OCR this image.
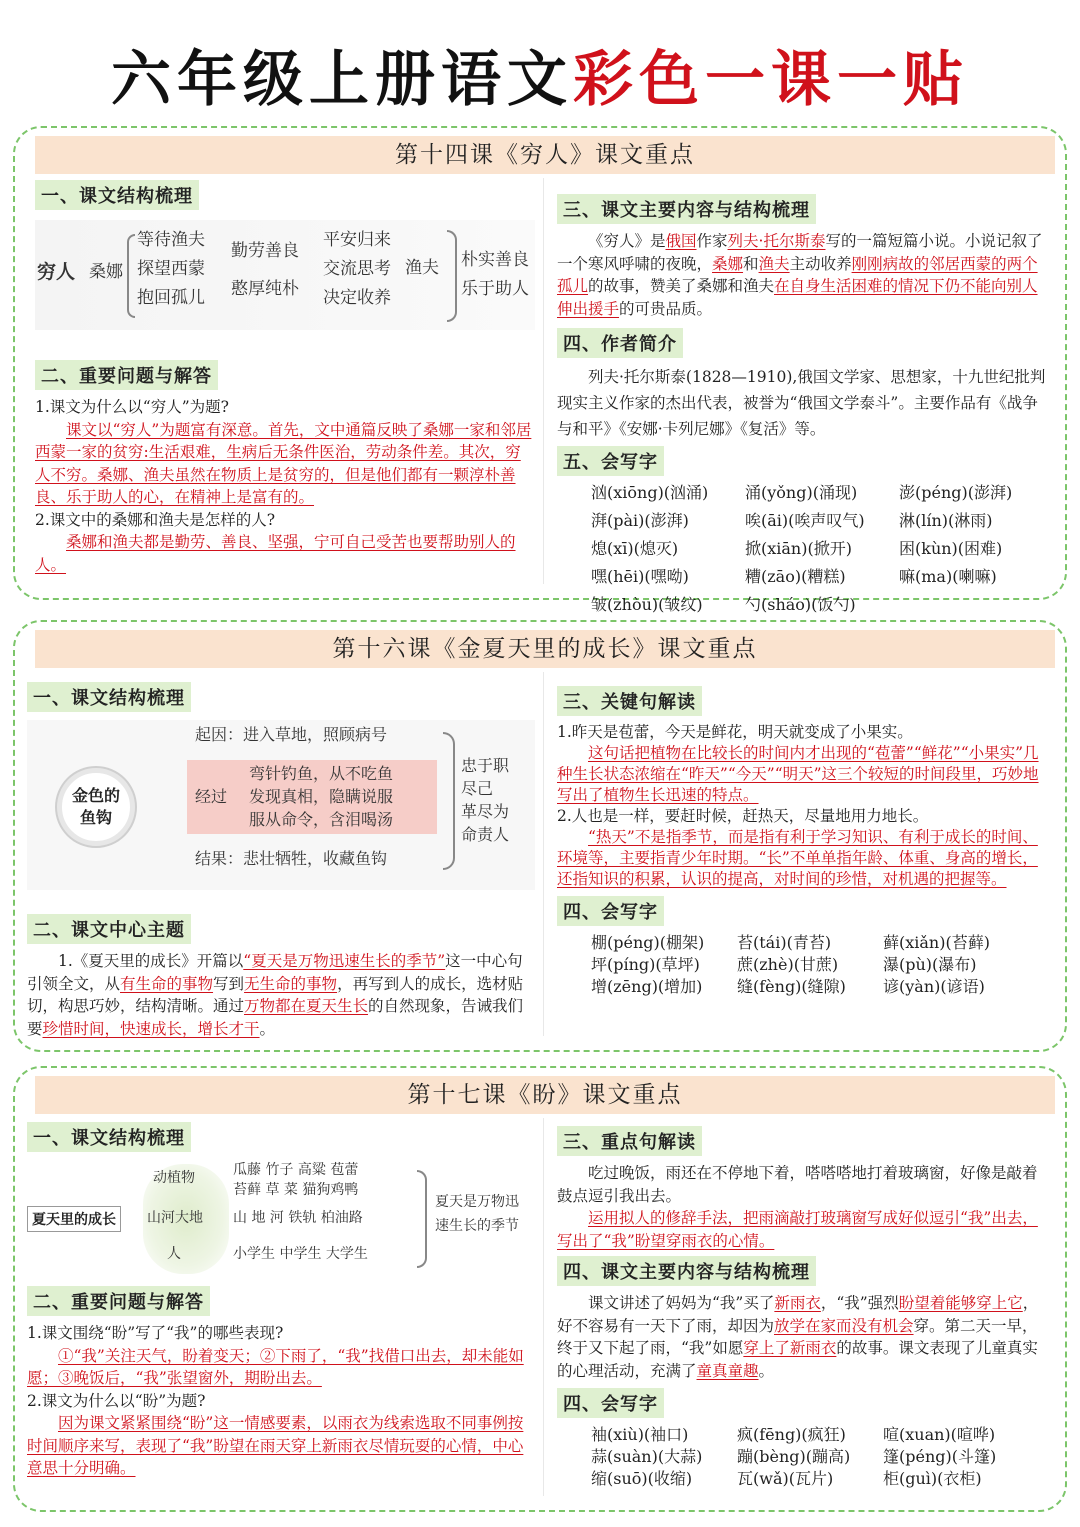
六年级上册语文彩色一课一贴
第十四课《穷人》课文重点
一、课文结构梳理
穷人 桑娜
等待渔夫
探望西蒙
抱回孤儿
勤劳善良
憨厚纯朴
平安归来
交流思考
决定收养
渔夫 朴实善良
乐于助人
二、重要问题与解答

1.课文为什么以“穷人”为题?

课文以“穷人”为题富有深意。首先，文中通篇反映了桑娜一家和邻居西蒙一家的贫穷:生活艰难，生病后无条件医治，劳动条件差。其次，穷人不穷。桑娜、渔夫虽然在物质上是贫穷的，但是他们都有一颗淳朴善良、乐于助人的心，在精神上是富有的。

2.课文中的桑娜和渔夫是怎样的人?

桑娜和渔夫都是勤劳、善良、坚强，宁可自己受苦也要帮助别人的人。

三、课文主要内容与结构梳理

《穷人》是俄国作家列夫·托尔斯泰写的一篇短篇小说。小说记叙了一个寒风呼啸的夜晚，桑娜和渔夫主动收养刚刚病故的邻居西蒙的两个孤儿的故事，赞美了桑娜和渔夫在自身生活困难的情况下仍不能向别人伸出援手的可贵品质。

四、作者简介

列夫·托尔斯泰(1828—1910),俄国文学家、思想家，十九世纪批判现实主义作家的杰出代表，被誉为“俄国文学泰斗”。主要作品有《战争与和平》《安娜·卡列尼娜》《复活》等。

五、会写字
汹(xiōng)(汹涌)	涌(yǒng)(涌现)	澎(péng)(澎湃)
湃(pài)(澎湃)	唉(āi)(唉声叹气)	淋(lín)(淋雨)
熄(xī)(熄灭)	掀(xiān)(掀开)	困(kùn)(困难)
嘿(hēi)(嘿呦)	糟(zāo)(糟糕)	嘛(ma)(喇嘛)
皱(zhòu)(皱纹)	勺(sháo)(饭勺)
第十六课《金夏天里的成长》课文重点
一、课文结构梳理
金色的
鱼钩
起因：进入草地，照顾病号
经过
弯针钓鱼，从不吃鱼
发现真相，隐瞒说服
服从命令，含泪喝汤
结果：悲壮牺牲，收藏鱼钩
忠于职
尽己
革尽为
命责人
二、课文中心主题

1.《夏天里的成长》开篇以“夏天是万物迅速生长的季节”这一中心句引领全文，从有生命的事物写到无生命的事物，再写到人的成长，选材贴切，构思巧妙，结构清晰。通过万物都在夏天生长的自然现象，告诫我们要珍惜时间，快速成长，增长才干。

三、关键句解读

1.昨天是苞蕾，今天是鲜花，明天就变成了小果实。

这句话把植物在比较长的时间内才出现的“苞蕾”“鲜花”“小果实”几种生长状态浓缩在“昨天”“今天”“明天”这三个较短的时间段里，巧妙地写出了植物生长迅速的特点。

2.人也是一样，要赶时候，赶热天，尽量地用力地长。

“热天”不是指季节，而是指有利于学习知识、有利于成长的时间、环境等，主要指青少年时期。“长”不单单指年龄、体重、身高的增长，还指知识的积累，认识的提高，对时间的珍惜，对机遇的把握等。

四、会写字
棚(péng)(棚架)	苔(tái)(青苔)	藓(xiǎn)(苔藓)
坪(píng)(草坪)	蔗(zhè)(甘蔗)	瀑(pù)(瀑布)
增(zēng)(增加)	缝(fèng)(缝隙)	谚(yàn)(谚语)
第十七课《盼》课文重点
一、课文结构梳理
夏天里的成长
动植物
山河大地
人
瓜藤 竹子 高粱 苞蕾
苔藓 草 菜 猫狗鸡鸭
山 地 河 铁轨 柏油路
小学生 中学生 大学生
夏天是万物迅
速生长的季节
二、重要问题与解答

1.课文围绕“盼”写了“我”的哪些表现?

①“我”关注天气，盼着变天；②下雨了，“我”找借口出去，却未能如愿；③晚饭后，“我”张望窗外，期盼出去。

2.课文为什么以“盼”为题?

因为课文紧紧围绕“盼”这一情感要素，以雨衣为线索选取不同事例按时间顺序来写，表现了“我”盼望在雨天穿上新雨衣尽情玩耍的心情，中心意思十分明确。

三、重点句解读

吃过晚饭，雨还在不停地下着，嗒嗒嗒地打着玻璃窗，好像是敲着鼓点逗引我出去。

运用拟人的修辞手法，把雨滴敲打玻璃窗写成好似逗引“我”出去，写出了“我”盼望穿雨衣的心情。

四、课文主要内容与结构梳理

课文讲述了妈妈为“我”买了新雨衣，“我”强烈盼望着能够穿上它，好不容易有一天下了雨，却因为放学在家而没有机会穿。第二天一早，终于又下起了雨，“我”如愿穿上了新雨衣的故事。课文表现了儿童真实的心理活动，充满了童真童趣。

四、会写字
袖(xiù)(袖口)	疯(fēng)(疯狂)	喧(xuan)(喧哗)
蒜(suàn)(大蒜)	蹦(bèng)(蹦高)	篷(péng)(斗篷)
缩(suō)(收缩)	瓦(wǎ)(瓦片)	柜(guì)(衣柜)
